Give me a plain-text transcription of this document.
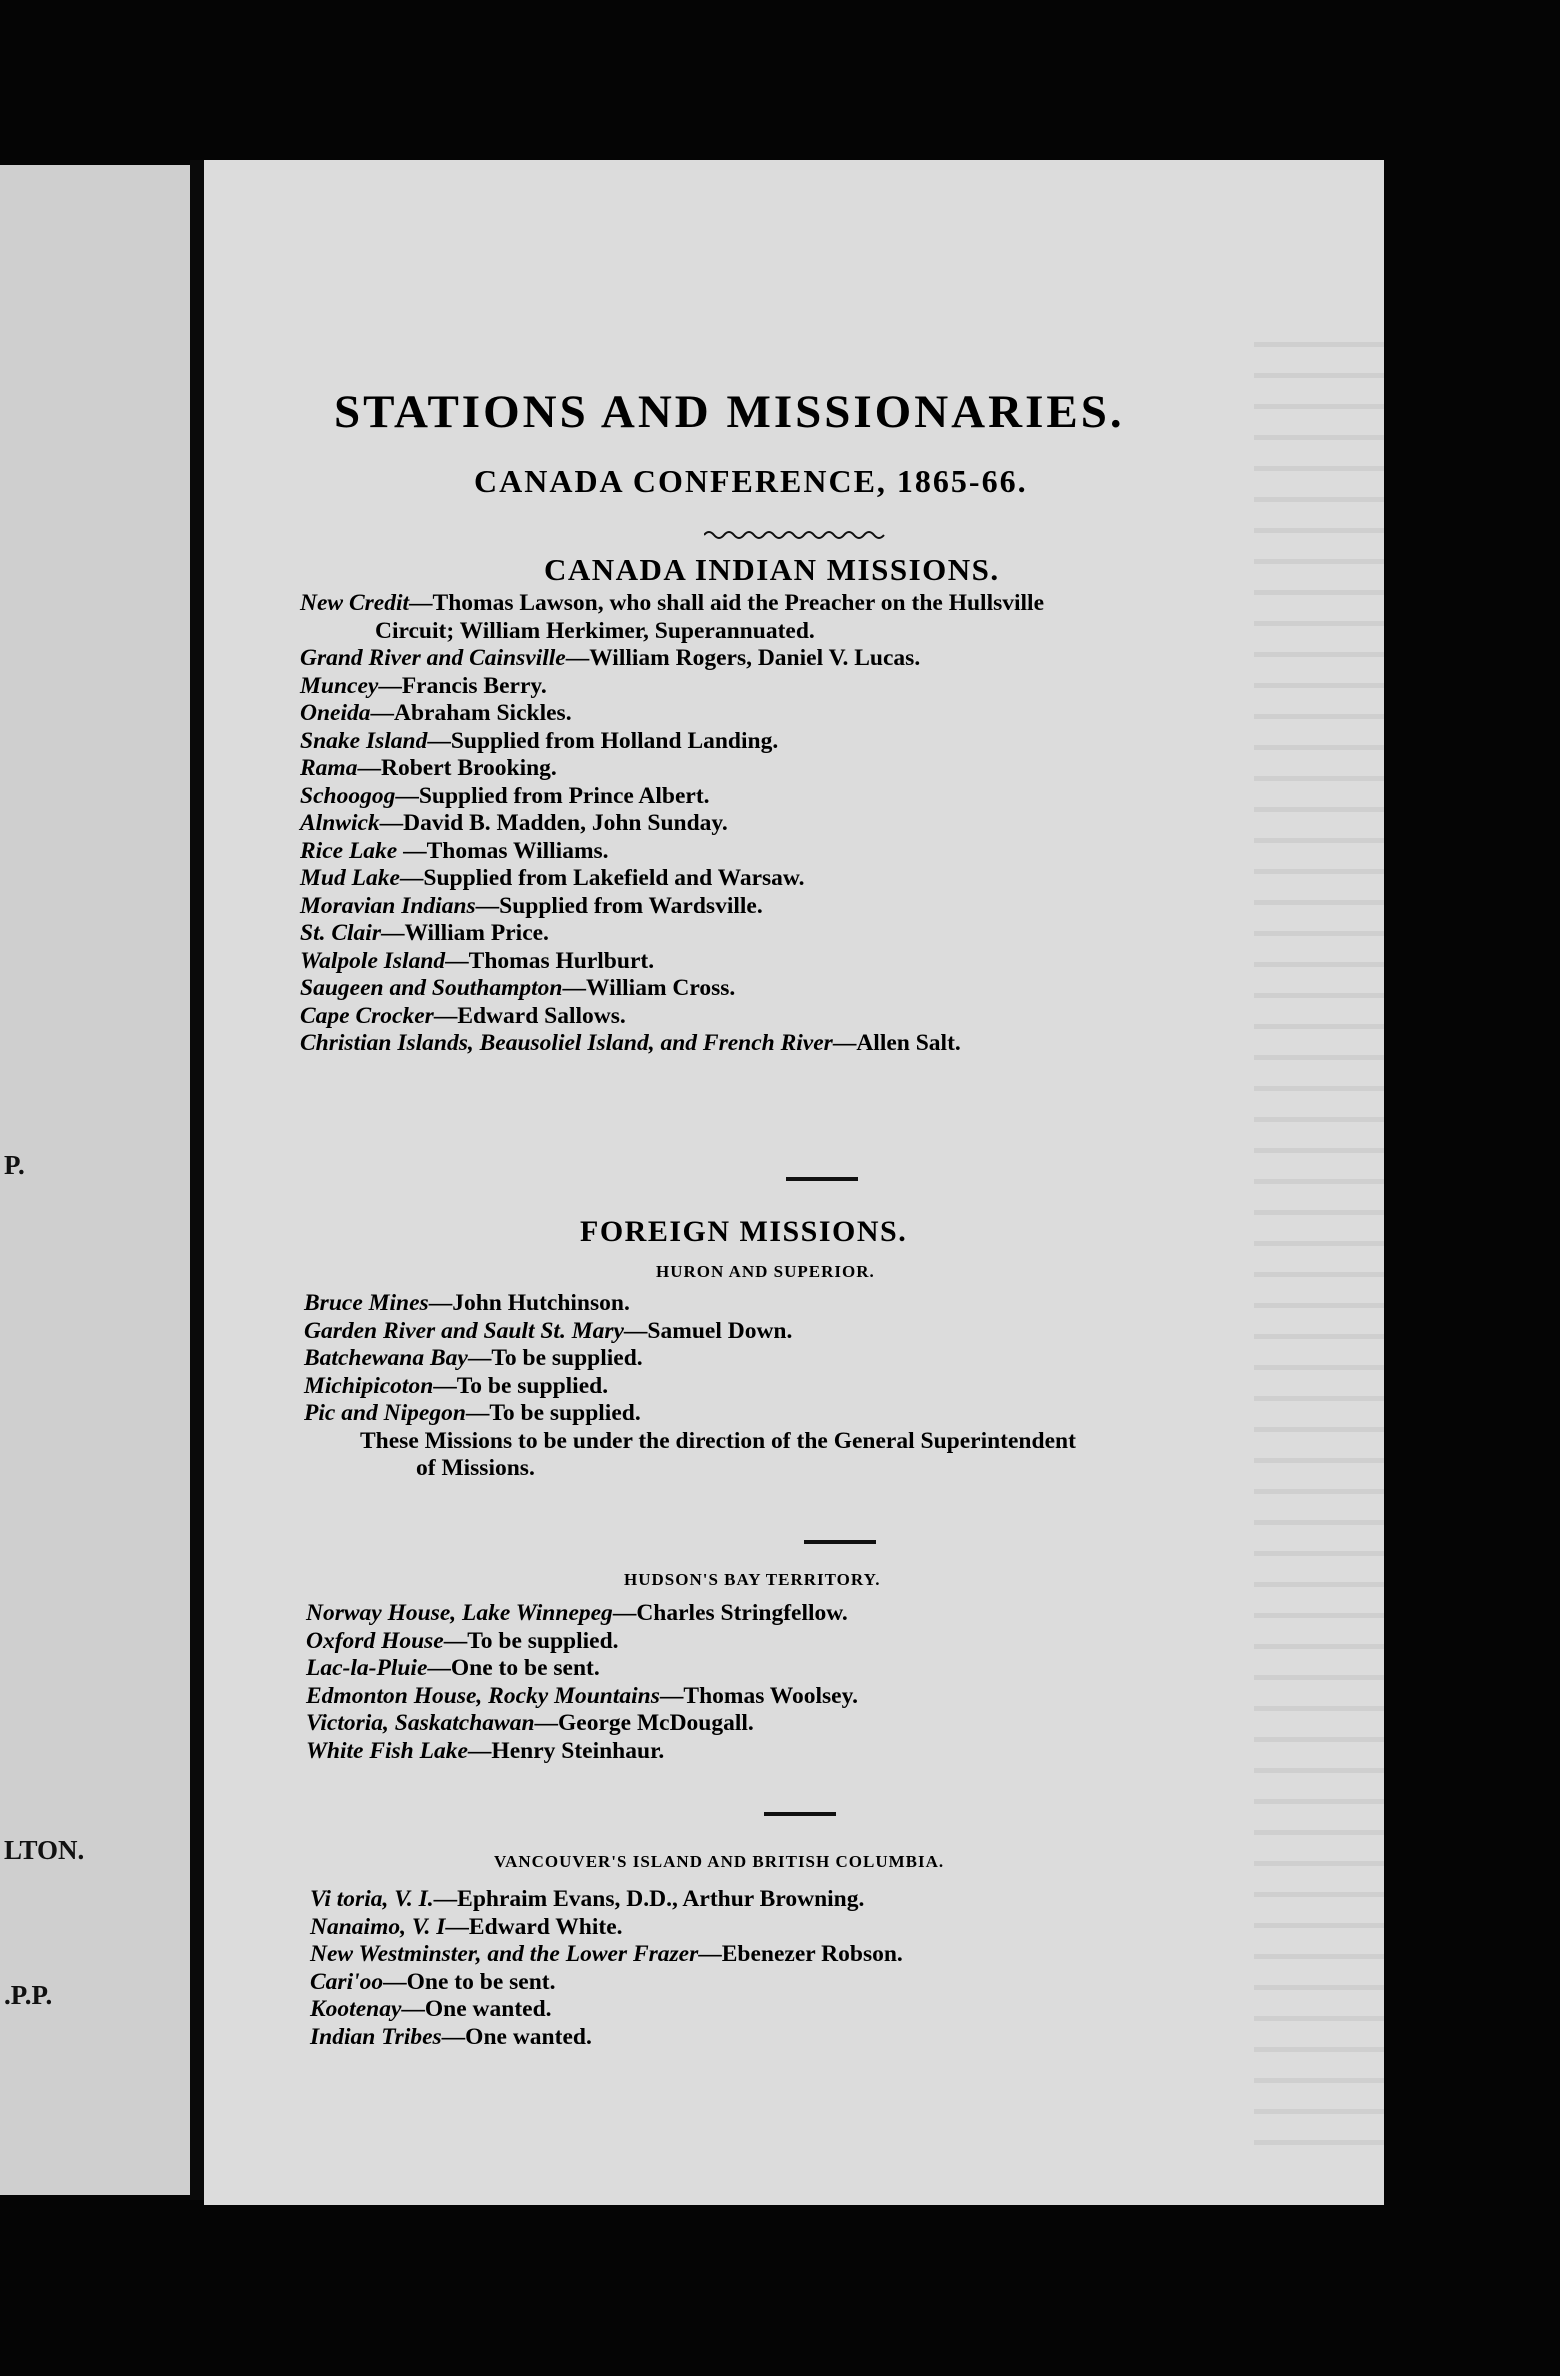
P.
LTON.
.P.P.
STATIONS AND MISSIONARIES.
CANADA CONFERENCE, 1865-66.
CANADA INDIAN MISSIONS.
New Credit—Thomas Lawson, who shall aid the Preacher on the Hullsville
Circuit; William Herkimer, Superannuated.
Grand River and Cainsville—William Rogers, Daniel V. Lucas.
Muncey—Francis Berry.
Oneida—Abraham Sickles.
Snake Island—Supplied from Holland Landing.
Rama—Robert Brooking.
Schoogog—Supplied from Prince Albert.
Alnwick—David B. Madden, John Sunday.
Rice Lake —Thomas Williams.
Mud Lake—Supplied from Lakefield and Warsaw.
Moravian Indians—Supplied from Wardsville.
St. Clair—William Price.
Walpole Island—Thomas Hurlburt.
Saugeen and Southampton—William Cross.
Cape Crocker—Edward Sallows.
Christian Islands, Beausoliel Island, and French River—Allen Salt.
FOREIGN MISSIONS.
HURON AND SUPERIOR.
Bruce Mines—John Hutchinson.
Garden River and Sault St. Mary—Samuel Down.
Batchewana Bay—To be supplied.
Michipicoton—To be supplied.
Pic and Nipegon—To be supplied.
These Missions to be under the direction of the General Superintendent
of Missions.
HUDSON'S BAY TERRITORY.
Norway House, Lake Winnepeg—Charles Stringfellow.
Oxford House—To be supplied.
Lac-la-Pluie—One to be sent.
Edmonton House, Rocky Mountains—Thomas Woolsey.
Victoria, Saskatchawan—George McDougall.
White Fish Lake—Henry Steinhaur.
VANCOUVER'S ISLAND AND BRITISH COLUMBIA.
Vi toria, V. I.—Ephraim Evans, D.D., Arthur Browning.
Nanaimo, V. I—Edward White.
New Westminster, and the Lower Frazer—Ebenezer Robson.
Cari'oo—One to be sent.
Kootenay—One wanted.
Indian Tribes—One wanted.
